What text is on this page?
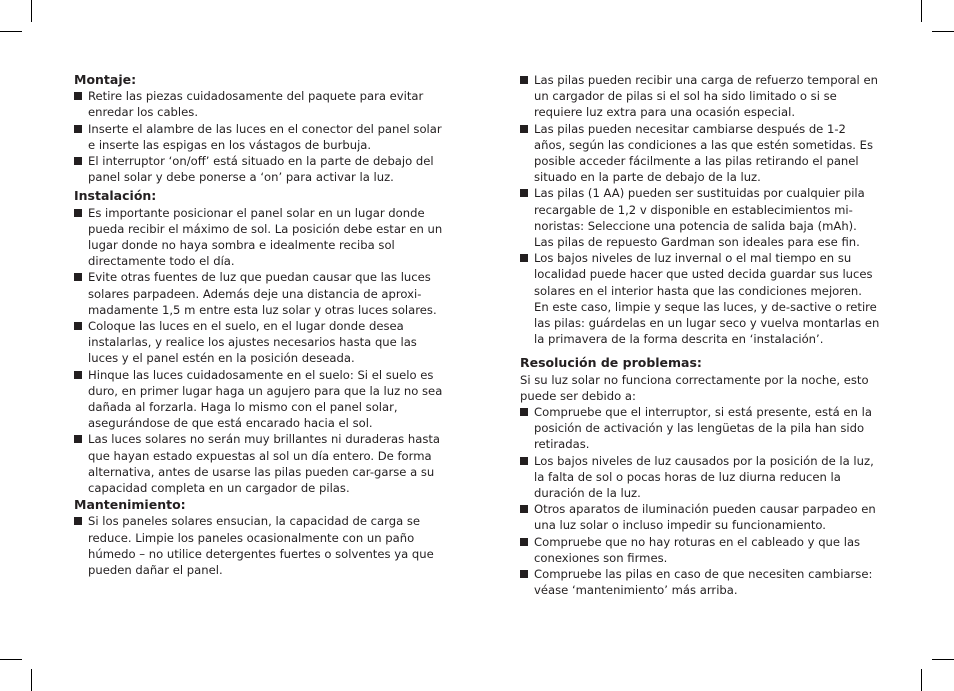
Montaje:
Retire las piezas cuidadosamente del paquete para evitar enredar los cables.
Inserte el alambre de las luces en el conector del panel solar e inserte las espigas en los vástagos de burbuja.
El interruptor ‘on/off’ está situado en la parte de debajo del panel solar y debe ponerse a ‘on’ para activar la luz.
Instalación:
Es importante posicionar el panel solar en un lugar donde pueda recibir el máximo de sol. La posición debe estar en un lugar donde no haya sombra e idealmente reciba sol directamente todo el día.
Evite otras fuentes de luz que puedan causar que las luces solares parpadeen. Además deje una distancia de aproxi-madamente 1,5 m entre esta luz solar y otras luces solares.
Coloque las luces en el suelo, en el lugar donde desea instalarlas, y realice los ajustes necesarios hasta que las luces y el panel estén en la posición deseada.
Hinque las luces cuidadosamente en el suelo: Si el suelo es duro, en primer lugar haga un agujero para que la luz no sea dañada al forzarla. Haga lo mismo con el panel solar, asegurándose de que está encarado hacia el sol.
Las luces solares no serán muy brillantes ni duraderas hasta que hayan estado expuestas al sol un día entero. De forma alternativa, antes de usarse las pilas pueden car-garse a su capacidad completa en un cargador de pilas.
Mantenimiento:
Si los paneles solares ensucian, la capacidad de carga se reduce. Limpie los paneles ocasionalmente con un paño húmedo – no utilice detergentes fuertes o solventes ya que pueden dañar el panel.
Las pilas pueden recibir una carga de refuerzo temporal en un cargador de pilas si el sol ha sido limitado o si se requiere luz extra para una ocasión especial.
Las pilas pueden necesitar cambiarse después de 1-2 años, según las condiciones a las que estén sometidas. Es posible acceder fácilmente a las pilas retirando el panel situado en la parte de debajo de la luz.
Las pilas (1 AA) pueden ser sustituidas por cualquier pila recargable de 1,2 v disponible en establecimientos mi-noristas: Seleccione una potencia de salida baja (mAh). Las pilas de repuesto Gardman son ideales para ese fin.
Los bajos niveles de luz invernal o el mal tiempo en su localidad puede hacer que usted decida guardar sus luces solares en el interior hasta que las condiciones mejoren. En este caso, limpie y seque las luces, y de-sactive o retire las pilas: guárdelas en un lugar seco y vuelva montarlas en la primavera de la forma descrita en ‘instalación’.
Resolución de problemas:

Si su luz solar no funciona correctamente por la noche, esto puede ser debido a:

Compruebe que el interruptor, si está presente, está en la posición de activación y las lengüetas de la pila han sido retiradas.
Los bajos niveles de luz causados por la posición de la luz, la falta de sol o pocas horas de luz diurna reducen la duración de la luz.
Otros aparatos de iluminación pueden causar parpadeo en una luz solar o incluso impedir su funcionamiento.
Compruebe que no hay roturas en el cableado y que las conexiones son firmes.
Compruebe las pilas en caso de que necesiten cambiarse: véase ‘mantenimiento’ más arriba.
